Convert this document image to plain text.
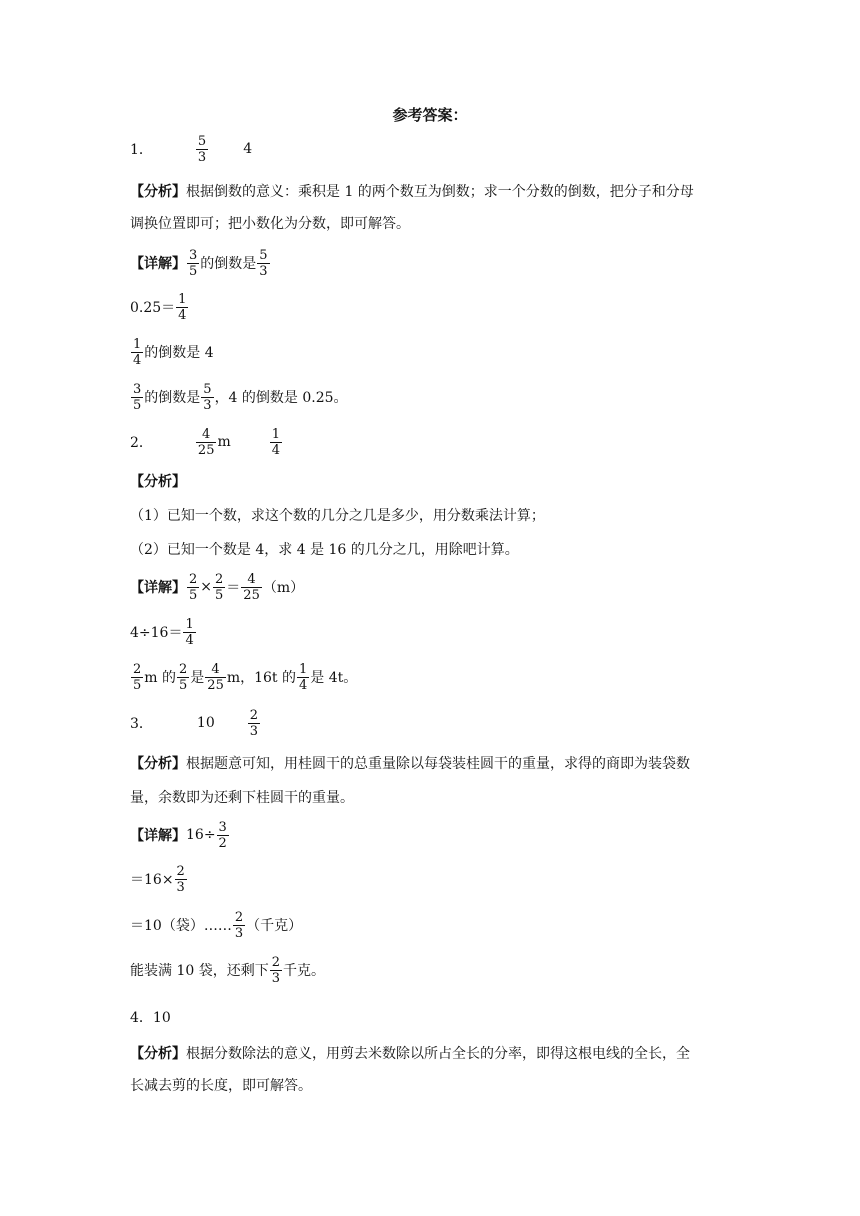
参考答案：
1．	$\frac{5}{3}$	4
【分析】 根据倒数的意义：乘积是 1 的两个数互为倒数；求一个分数的倒数，把分子和分母
调换位置即可；把小数化为分数，即可解答。
【详解】 $\frac{3}{5}$ 的倒数是 $\frac{5}{3}$
$0.25= \frac{1}{4}$
$\frac{1}{4}$ 的倒数是 4
$\frac{3}{5}$ 的倒数是 $\frac{5}{3}$ ，4 的倒数是 0.25。
2．	$\frac{4}{25}$ m	$\frac{1}{4}$
【分析】
（1）已知一个数，求这个数的几分之几是多少，用分数乘法计算；
（2）已知一个数是 4，求 4 是 16 的几分之几，用除吧计算。
【详解】 $\frac{2}{5} \times \frac{2}{5} = \frac{4}{25} (m)$
$4\div 16= \frac{1}{4}$
$\frac{2}{5}$ m 的 $\frac{2}{5}$ 是 $\frac{4}{25}$ m，16t 的 $\frac{1}{4}$ 是 4t。
3．	10	$\frac{2}{3}$
【分析】 根据题意可知，用桂圆干的总重量除以每袋装桂圆干的重量，求得的商即为装袋数
量，余数即为还剩下桂圆干的重量。
【详解】 $16\div \frac{3}{2}$
$=16\times \frac{2}{3}$
＝10（袋）…… $\frac{2}{3}$ （千克）
能装满 10 袋，还剩下 $\frac{2}{3}$ 千克。
4．10
【分析】 根据分数除法的意义，用剪去米数除以所占全长的分率，即得这根电线的全长，全
长减去剪的长度，即可解答。
